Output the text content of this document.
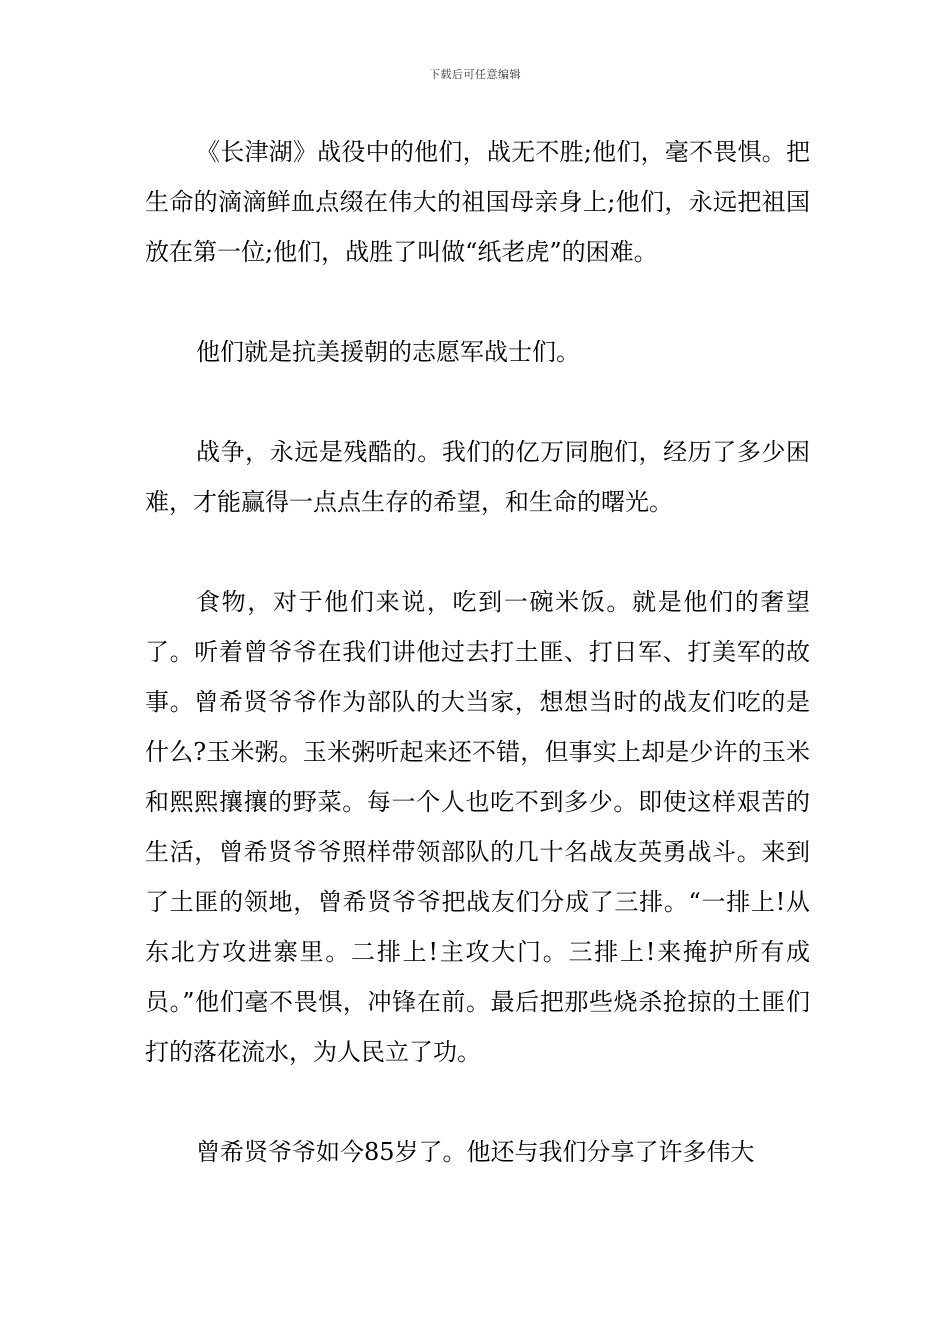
下载后可任意编辑

《长津湖》战役中的他们，战无不胜;他们，毫不畏惧。把生命的滴滴鲜血点缀在伟大的祖国母亲身上;他们，永远把祖国放在第一位;他们，战胜了叫做“纸老虎”的困难。

他们就是抗美援朝的志愿军战士们。

战争，永远是残酷的。我们的亿万同胞们，经历了多少困难，才能赢得一点点生存的希望，和生命的曙光。

食物，对于他们来说，吃到一碗米饭。就是他们的奢望了。听着曾爷爷在我们讲他过去打土匪、打日军、打美军的故事。曾希贤爷爷作为部队的大当家，想想当时的战友们吃的是什么?玉米粥。玉米粥听起来还不错，但事实上却是少许的玉米和熙熙攘攘的野菜。每一个人也吃不到多少。即使这样艰苦的生活，曾希贤爷爷照样带领部队的几十名战友英勇战斗。来到了土匪的领地，曾希贤爷爷把战友们分成了三排。“一排上!从东北方攻进寨里。二排上!主攻大门。三排上!来掩护所有成员。”他们毫不畏惧，冲锋在前。最后把那些烧杀抢掠的土匪们打的落花流水，为人民立了功。

曾希贤爷爷如今85岁了。他还与我们分享了许多伟大
